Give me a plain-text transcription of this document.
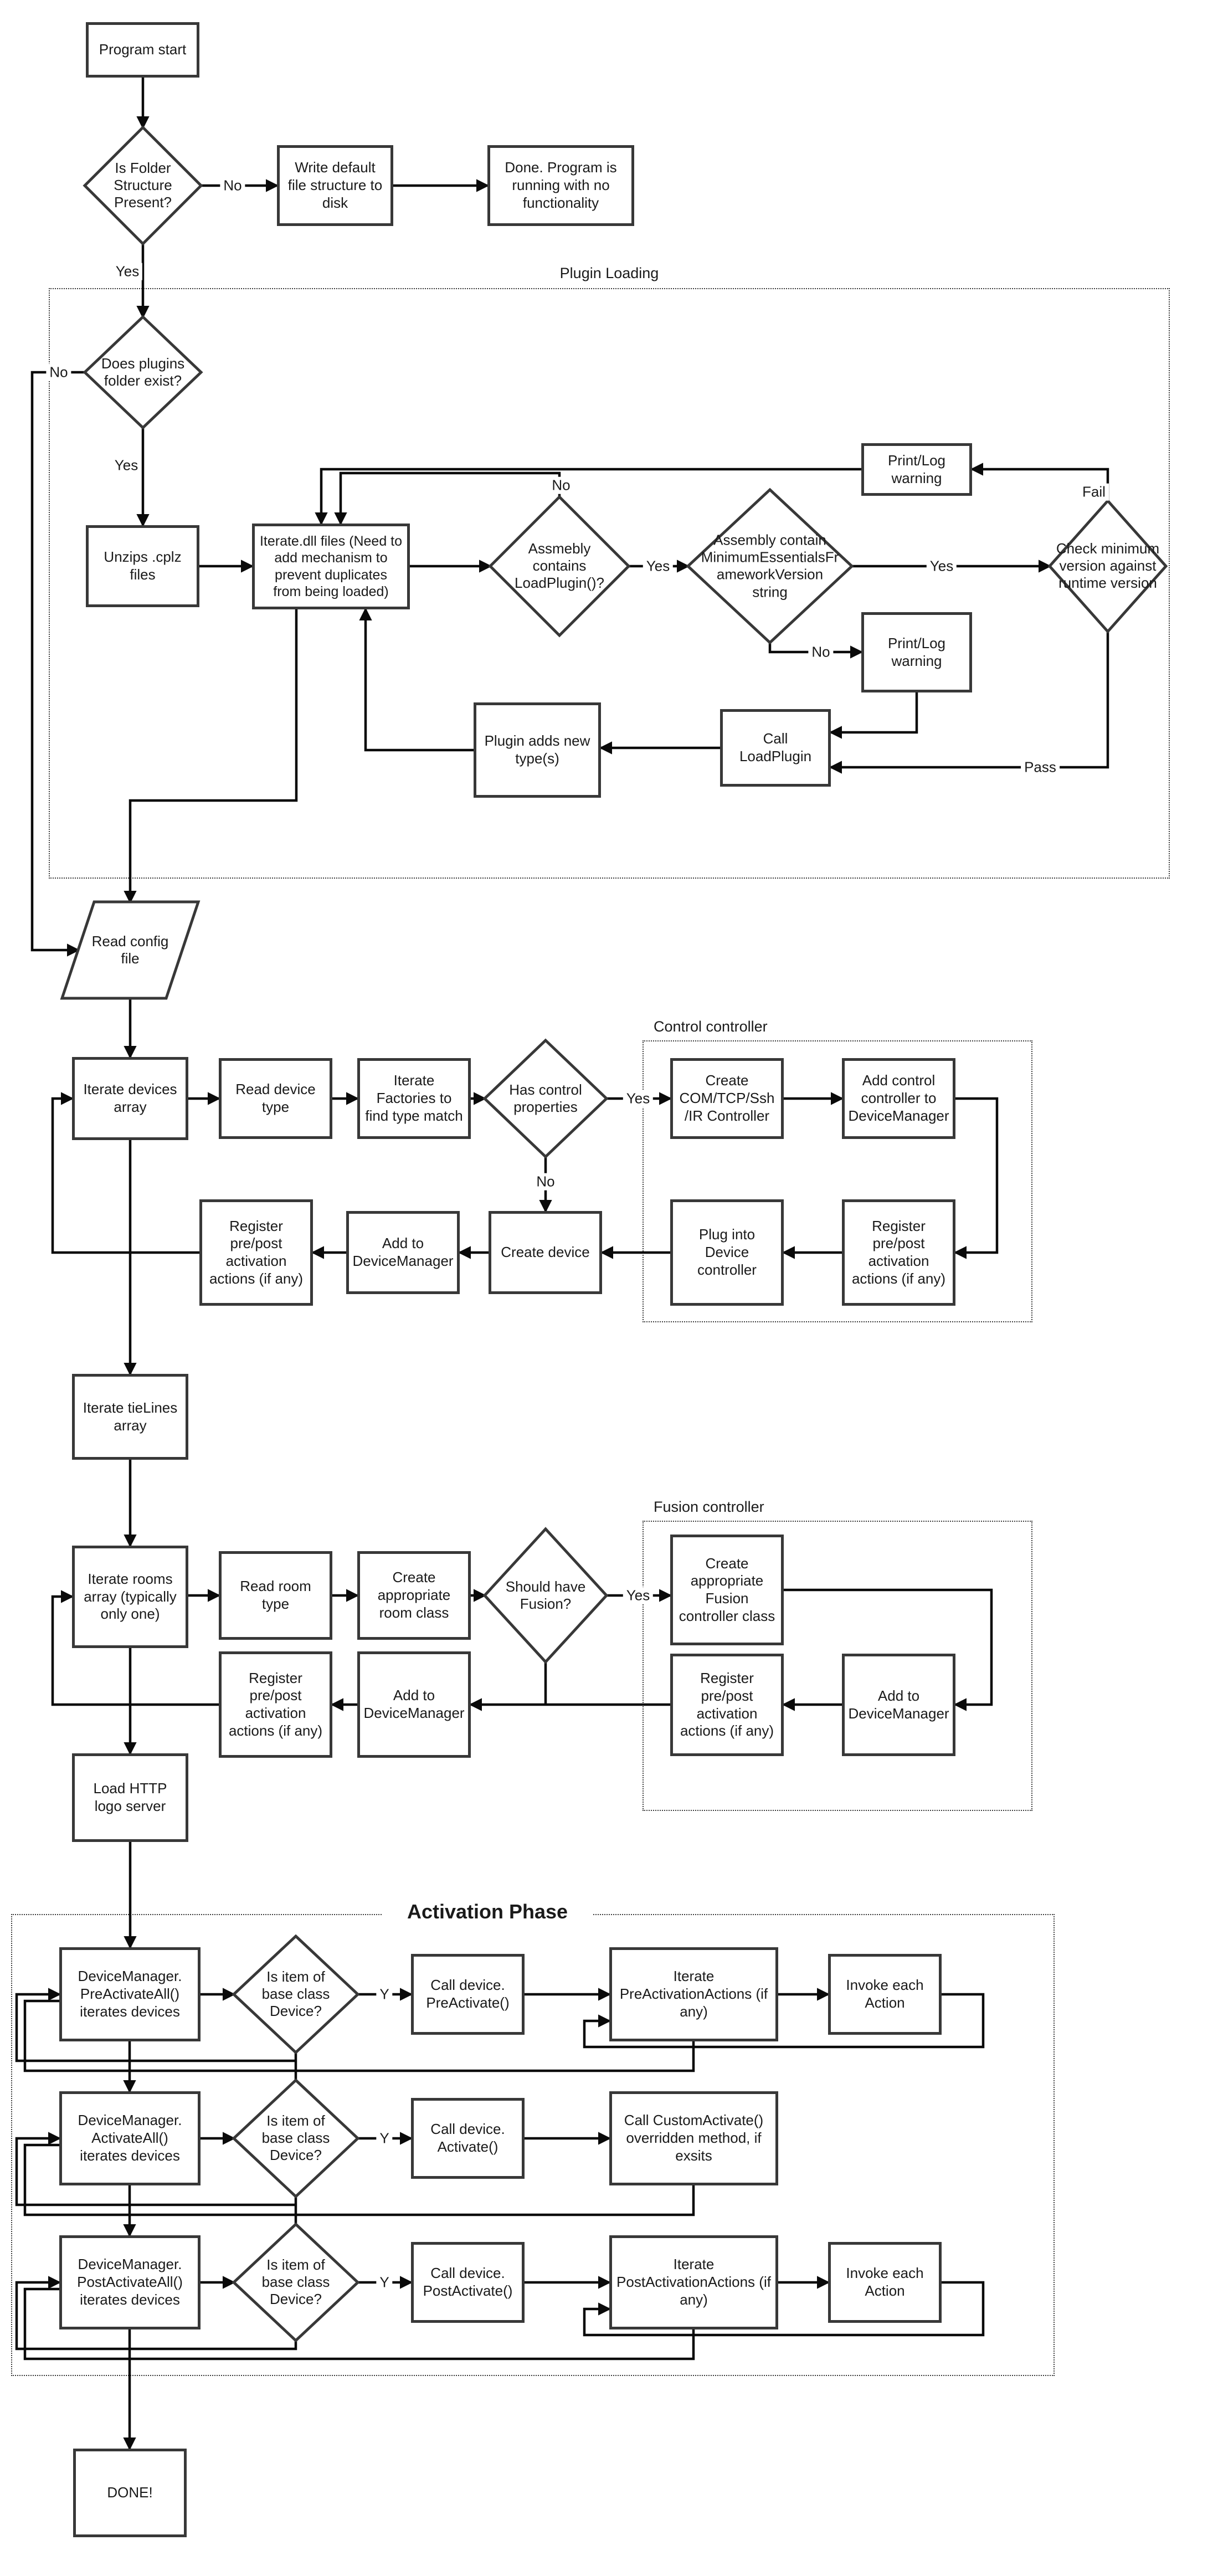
Plugin Loading
Control controller
Fusion controller
Activation Phase
Program start
Write default file structure to disk
Done. Program is running with no functionality
Unzips .cplz files
Iterate.dll files (Need to add mechanism to prevent duplicates from being loaded)
Print/Log warning
Print/Log warning
Call LoadPlugin
Plugin adds new type(s)
Iterate devices array
Read device type
Iterate Factories to find type match
Create COM/TCP/Ssh /IR Controller
Add control controller to DeviceManager
Register pre/post activation actions (if any)
Plug into Device controller
Create device
Add to DeviceManager
Register pre/post activation actions (if any)
Iterate tieLines array
Iterate rooms array (typically only one)
Read room type
Create appropriate room class
Create appropriate Fusion controller class
Add to DeviceManager
Register pre/post activation actions (if any)
Add to DeviceManager
Register pre/post activation actions (if any)
Load HTTP logo server
DeviceManager. PreActivateAll() iterates devices
Call device. PreActivate()
Iterate PreActivationActions (if any)
Invoke each Action
DeviceManager. ActivateAll() iterates devices
Call device. Activate()
Call CustomActivate() overridden method, if exsits
DeviceManager. PostActivateAll() iterates devices
Call device. PostActivate()
Iterate PostActivationActions (if any)
Invoke each Action
DONE!
Is Folder Structure Present?
Does plugins folder exist?
Assmebly contains LoadPlugin()?
Assembly contain MinimumEssentialsFrameworkVersion string
Check minimum version against runtime version
Has control properties
Should have Fusion?
Is item of base class Device?
Is item of base class Device?
Is item of base class Device?
Read config file
No
Yes
No
Yes
Yes
No
Yes
No
Fail
Pass
Yes
No
Yes
Y
Y
Y
